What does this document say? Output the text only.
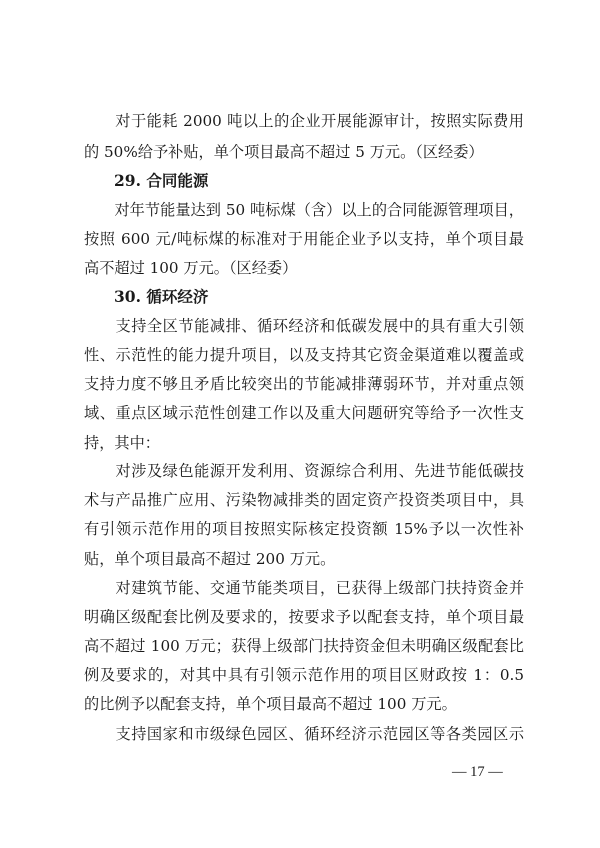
　　对于能耗 2000 吨以上的企业开展能源审计，按照实际费用
的 50%给予补贴，单个项目最高不超过 5 万元。（区经委）
29. 合同能源
　　对年节能量达到 50 吨标煤（含）以上的合同能源管理项目，
按照 600 元/吨标煤的标准对于用能企业予以支持，单个项目最
高不超过 100 万元。（区经委）
30. 循环经济
　　支持全区节能减排、循环经济和低碳发展中的具有重大引领
性、示范性的能力提升项目，以及支持其它资金渠道难以覆盖或
支持力度不够且矛盾比较突出的节能减排薄弱环节，并对重点领
域、重点区域示范性创建工作以及重大问题研究等给予一次性支
持，其中：
　　对涉及绿色能源开发利用、资源综合利用、先进节能低碳技
术与产品推广应用、污染物减排类的固定资产投资类项目中，具
有引领示范作用的项目按照实际核定投资额 15%予以一次性补
贴，单个项目最高不超过 200 万元。
　　对建筑节能、交通节能类项目，已获得上级部门扶持资金并
明确区级配套比例及要求的，按要求予以配套支持，单个项目最
高不超过 100 万元；获得上级部门扶持资金但未明确区级配套比
例及要求的，对其中具有引领示范作用的项目区财政按 1：0.5
的比例予以配套支持，单个项目最高不超过 100 万元。
　　支持国家和市级绿色园区、循环经济示范园区等各类园区示
— 17 —
